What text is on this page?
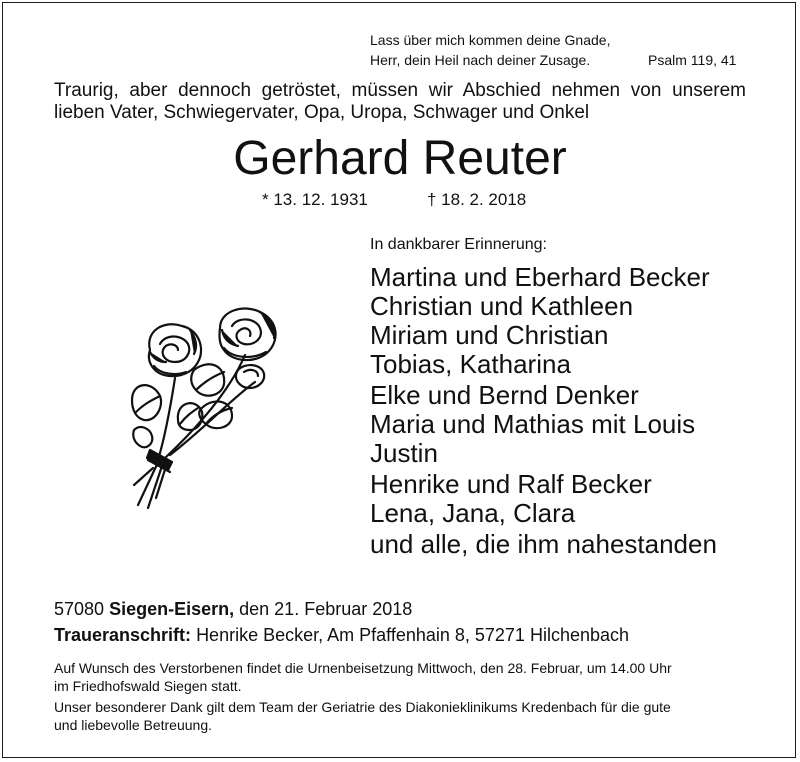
Lass über mich kommen deine Gnade,
Herr, dein Heil nach deiner Zusage.	Psalm 119, 41
Traurig, aber dennoch getröstet, müssen wir Abschied nehmen von unserem
lieben Vater, Schwiegervater, Opa, Uropa, Schwager und Onkel
Gerhard Reuter
* 13. 12. 1931	† 18. 2. 2018
In dankbarer Erinnerung:
Martina und Eberhard Becker
Christian und Kathleen
Miriam und Christian
Tobias, Katharina
Elke und Bernd Denker
Maria und Mathias mit Louis
Justin
Henrike und Ralf Becker
Lena, Jana, Clara
und alle, die ihm nahestanden
57080 Siegen-Eisern, den 21. Februar 2018
Traueranschrift: Henrike Becker, Am Pfaffenhain 8, 57271 Hilchenbach
Auf Wunsch des Verstorbenen findet die Urnenbeisetzung Mittwoch, den 28. Februar, um 14.00 Uhr
im Friedhofswald Siegen statt.
Unser besonderer Dank gilt dem Team der Geriatrie des Diakonieklinikums Kredenbach für die gute
und liebevolle Betreuung.
